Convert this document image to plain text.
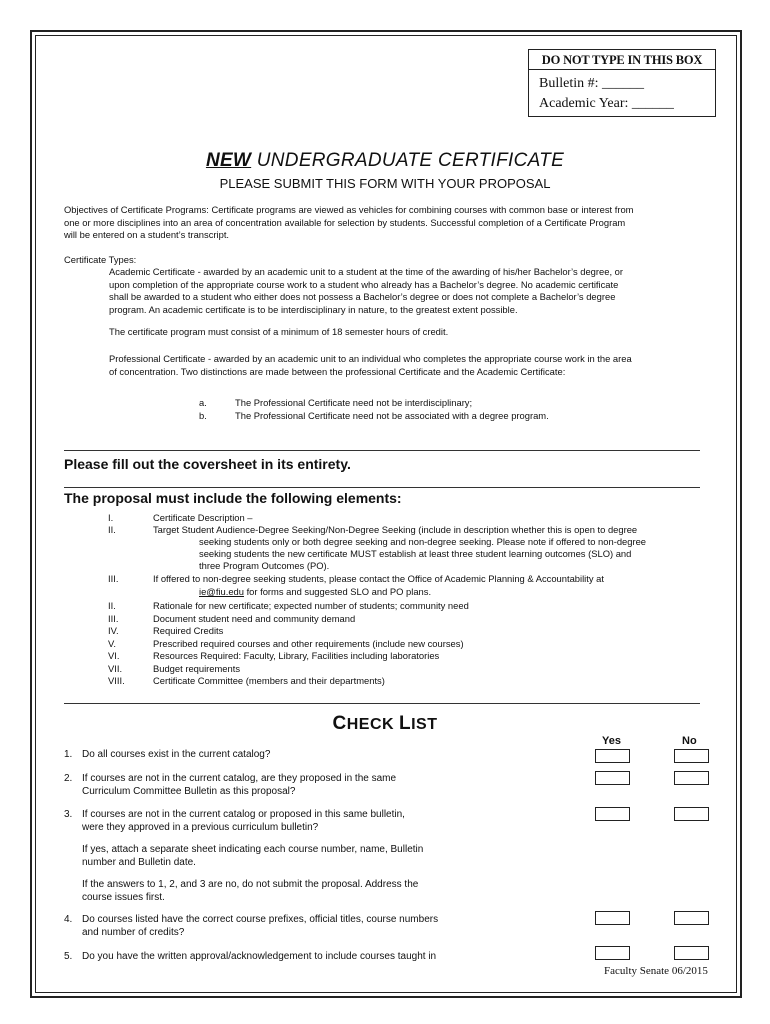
DO NOT TYPE IN THIS BOX
Bulletin #: ______
Academic Year: ______
NEW UNDERGRADUATE CERTIFICATE
PLEASE SUBMIT THIS FORM WITH YOUR PROPOSAL
Objectives of Certificate Programs: Certificate programs are viewed as vehicles for combining courses with common base or interest from
one or more disciplines into an area of concentration available for selection by students. Successful completion of a Certificate Program
will be entered on a student’s transcript.
Certificate Types:
Academic Certificate - awarded by an academic unit to a student at the time of the awarding of his/her Bachelor’s degree, or
upon completion of the appropriate course work to a student who already has a Bachelor’s degree. No academic certificate
shall be awarded to a student who either does not possess a Bachelor’s degree or does not complete a Bachelor’s degree
program. An academic certificate is to be interdisciplinary in nature, to the greatest extent possible.
The certificate program must consist of a minimum of 18 semester hours of credit.
Professional Certificate - awarded by an academic unit to an individual who completes the appropriate course work in the area
of concentration. Two distinctions are made between the professional Certificate and the Academic Certificate:
a.	The Professional Certificate need not be interdisciplinary;
b.	The Professional Certificate need not be associated with a degree program.
Please fill out the coversheet in its entirety.
The proposal must include the following elements:
I.	Certificate Description –
II.	Target Student Audience-Degree Seeking/Non-Degree Seeking (include in description whether this is open to degree
seeking students only or both degree seeking and non-degree seeking. Please note if offered to non-degree
seeking students the new certificate MUST establish at least three student learning outcomes (SLO) and
three Program Outcomes (PO).
III.	If offered to non-degree seeking students, please contact the Office of Academic Planning & Accountability at
ie@fiu.edu for forms and suggested SLO and PO plans.
II.	Rationale for new certificate; expected number of students; community need
III.	Document student need and community demand
IV.	Required Credits
V.	Prescribed required courses and other requirements (include new courses)
VI.	Resources Required: Faculty, Library, Facilities including laboratories
VII.	Budget requirements
VIII.	Certificate Committee (members and their departments)
CHECK LIST
Yes	No
1. Do all courses exist in the current catalog?
2. If courses are not in the current catalog, are they proposed in the same
Curriculum Committee Bulletin as this proposal?
3. If courses are not in the current catalog or proposed in this same bulletin,
were they approved in a previous curriculum bulletin?
If yes, attach a separate sheet indicating each course number, name, Bulletin
number and Bulletin date.
If the answers to 1, 2, and 3 are no, do not submit the proposal. Address the
course issues first.
4. Do courses listed have the correct course prefixes, official titles, course numbers
and number of credits?
5. Do you have the written approval/acknowledgement to include courses taught in
Faculty Senate 06/2015
